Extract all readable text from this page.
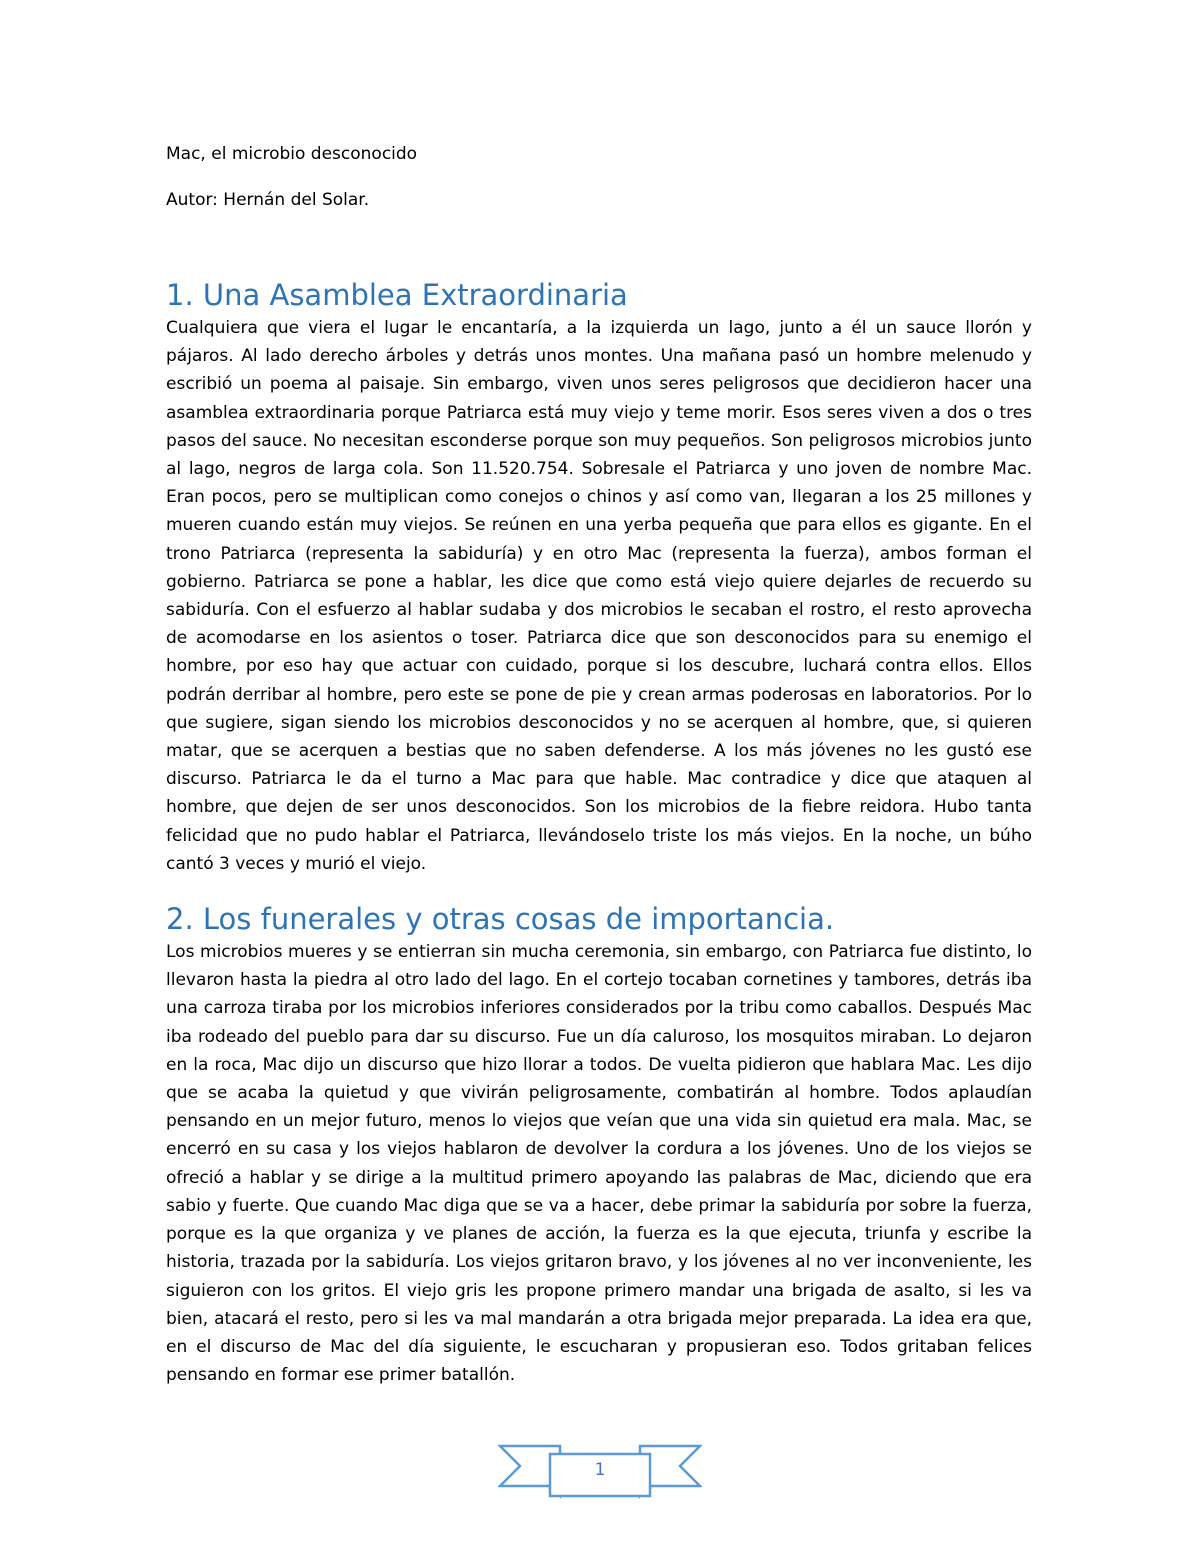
Mac, el microbio desconocido

Autor: Hernán del Solar.

1. Una Asamblea Extraordinaria

Cualquiera que viera el lugar le encantaría, a la izquierda un lago, junto a él un sauce llorón y pájaros. Al lado derecho árboles y detrás unos montes. Una mañana pasó un hombre melenudo y escribió un poema al paisaje. Sin embargo, viven unos seres peligrosos que decidieron hacer una asamblea extraordinaria porque Patriarca está muy viejo y teme morir. Esos seres viven a dos o tres pasos del sauce. No necesitan esconderse porque son muy pequeños. Son peligrosos microbios junto al lago, negros de larga cola. Son 11.520.754. Sobresale el Patriarca y uno joven de nombre Mac. Eran pocos, pero se multiplican como conejos o chinos y así como van, llegaran a los 25 millones y mueren cuando están muy viejos. Se reúnen en una yerba pequeña que para ellos es gigante. En el trono Patriarca (representa la sabiduría) y en otro Mac (representa la fuerza), ambos forman el gobierno. Patriarca se pone a hablar, les dice que como está viejo quiere dejarles de recuerdo su sabiduría. Con el esfuerzo al hablar sudaba y dos microbios le secaban el rostro, el resto aprovecha de acomodarse en los asientos o toser. Patriarca dice que son desconocidos para su enemigo el hombre, por eso hay que actuar con cuidado, porque si los descubre, luchará contra ellos. Ellos podrán derribar al hombre, pero este se pone de pie y crean armas poderosas en laboratorios. Por lo que sugiere, sigan siendo los microbios desconocidos y no se acerquen al hombre, que, si quieren matar, que se acerquen a bestias que no saben defenderse. A los más jóvenes no les gustó ese discurso. Patriarca le da el turno a Mac para que hable. Mac contradice y dice que ataquen al hombre, que dejen de ser unos desconocidos. Son los microbios de la fiebre reidora. Hubo tanta felicidad que no pudo hablar el Patriarca, llevándoselo triste los más viejos. En la noche, un búho cantó 3 veces y murió el viejo.

2. Los funerales y otras cosas de importancia.

Los microbios mueres y se entierran sin mucha ceremonia, sin embargo, con Patriarca fue distinto, lo llevaron hasta la piedra al otro lado del lago. En el cortejo tocaban cornetines y tambores, detrás iba una carroza tiraba por los microbios inferiores considerados por la tribu como caballos. Después Mac iba rodeado del pueblo para dar su discurso. Fue un día caluroso, los mosquitos miraban. Lo dejaron en la roca, Mac dijo un discurso que hizo llorar a todos. De vuelta pidieron que hablara Mac. Les dijo que se acaba la quietud y que vivirán peligrosamente, combatirán al hombre. Todos aplaudían pensando en un mejor futuro, menos lo viejos que veían que una vida sin quietud era mala. Mac, se encerró en su casa y los viejos hablaron de devolver la cordura a los jóvenes. Uno de los viejos se ofreció a hablar y se dirige a la multitud primero apoyando las palabras de Mac, diciendo que era sabio y fuerte. Que cuando Mac diga que se va a hacer, debe primar la sabiduría por sobre la fuerza, porque es la que organiza y ve planes de acción, la fuerza es la que ejecuta, triunfa y escribe la historia, trazada por la sabiduría. Los viejos gritaron bravo, y los jóvenes al no ver inconveniente, les siguieron con los gritos. El viejo gris les propone primero mandar una brigada de asalto, si les va bien, atacará el resto, pero si les va mal mandarán a otra brigada mejor preparada. La idea era que, en el discurso de Mac del día siguiente, le escucharan y propusieran eso. Todos gritaban felices pensando en formar ese primer batallón.

1
